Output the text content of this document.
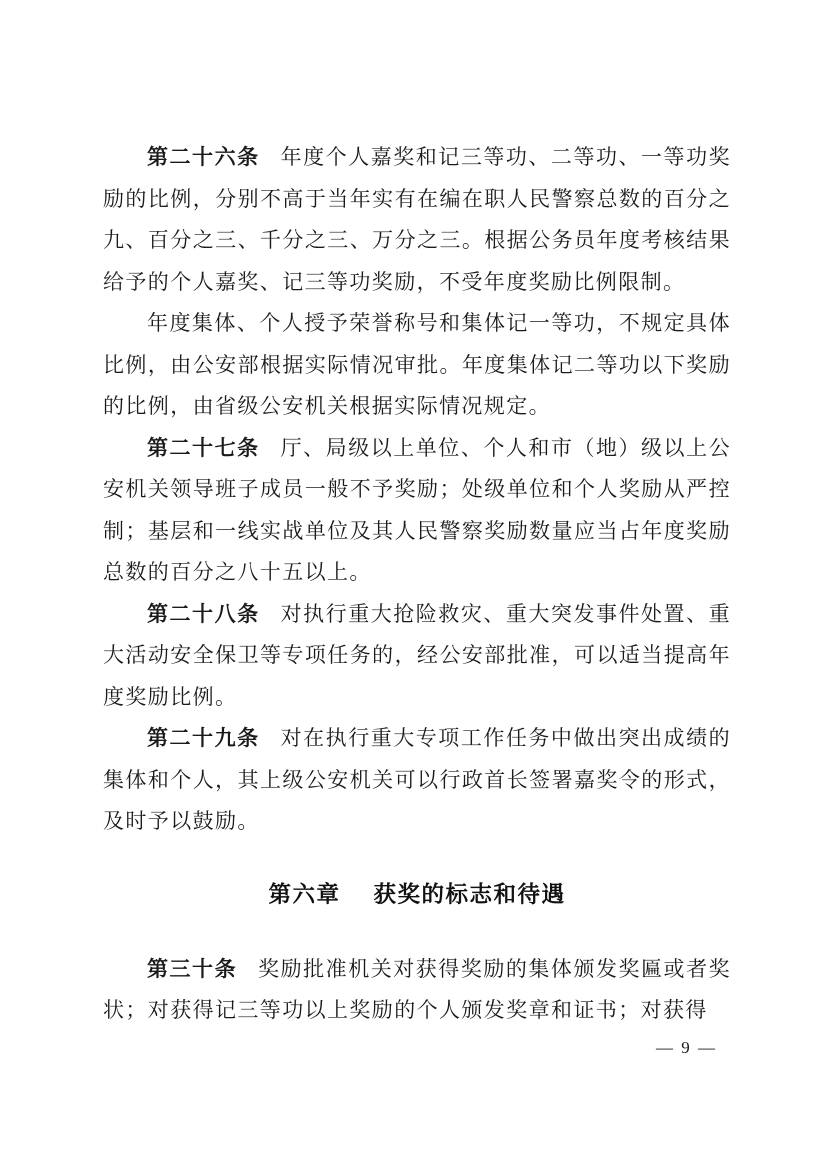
第二十六条 年度个人嘉奖和记三等功、二等功、一等功奖励的比例，分别不高于当年实有在编在职人民警察总数的百分之九、百分之三、千分之三、万分之三。根据公务员年度考核结果给予的个人嘉奖、记三等功奖励，不受年度奖励比例限制。

年度集体、个人授予荣誉称号和集体记一等功，不规定具体比例，由公安部根据实际情况审批。年度集体记二等功以下奖励的比例，由省级公安机关根据实际情况规定。

第二十七条 厅、局级以上单位、个人和市（地）级以上公安机关领导班子成员一般不予奖励；处级单位和个人奖励从严控制；基层和一线实战单位及其人民警察奖励数量应当占年度奖励总数的百分之八十五以上。

第二十八条 对执行重大抢险救灾、重大突发事件处置、重大活动安全保卫等专项任务的，经公安部批准，可以适当提高年度奖励比例。

第二十九条 对在执行重大专项工作任务中做出突出成绩的集体和个人，其上级公安机关可以行政首长签署嘉奖令的形式，及时予以鼓励。

第六章 获奖的标志和待遇

第三十条 奖励批准机关对获得奖励的集体颁发奖匾或者奖状；对获得记三等功以上奖励的个人颁发奖章和证书；对获得

— 9 —
